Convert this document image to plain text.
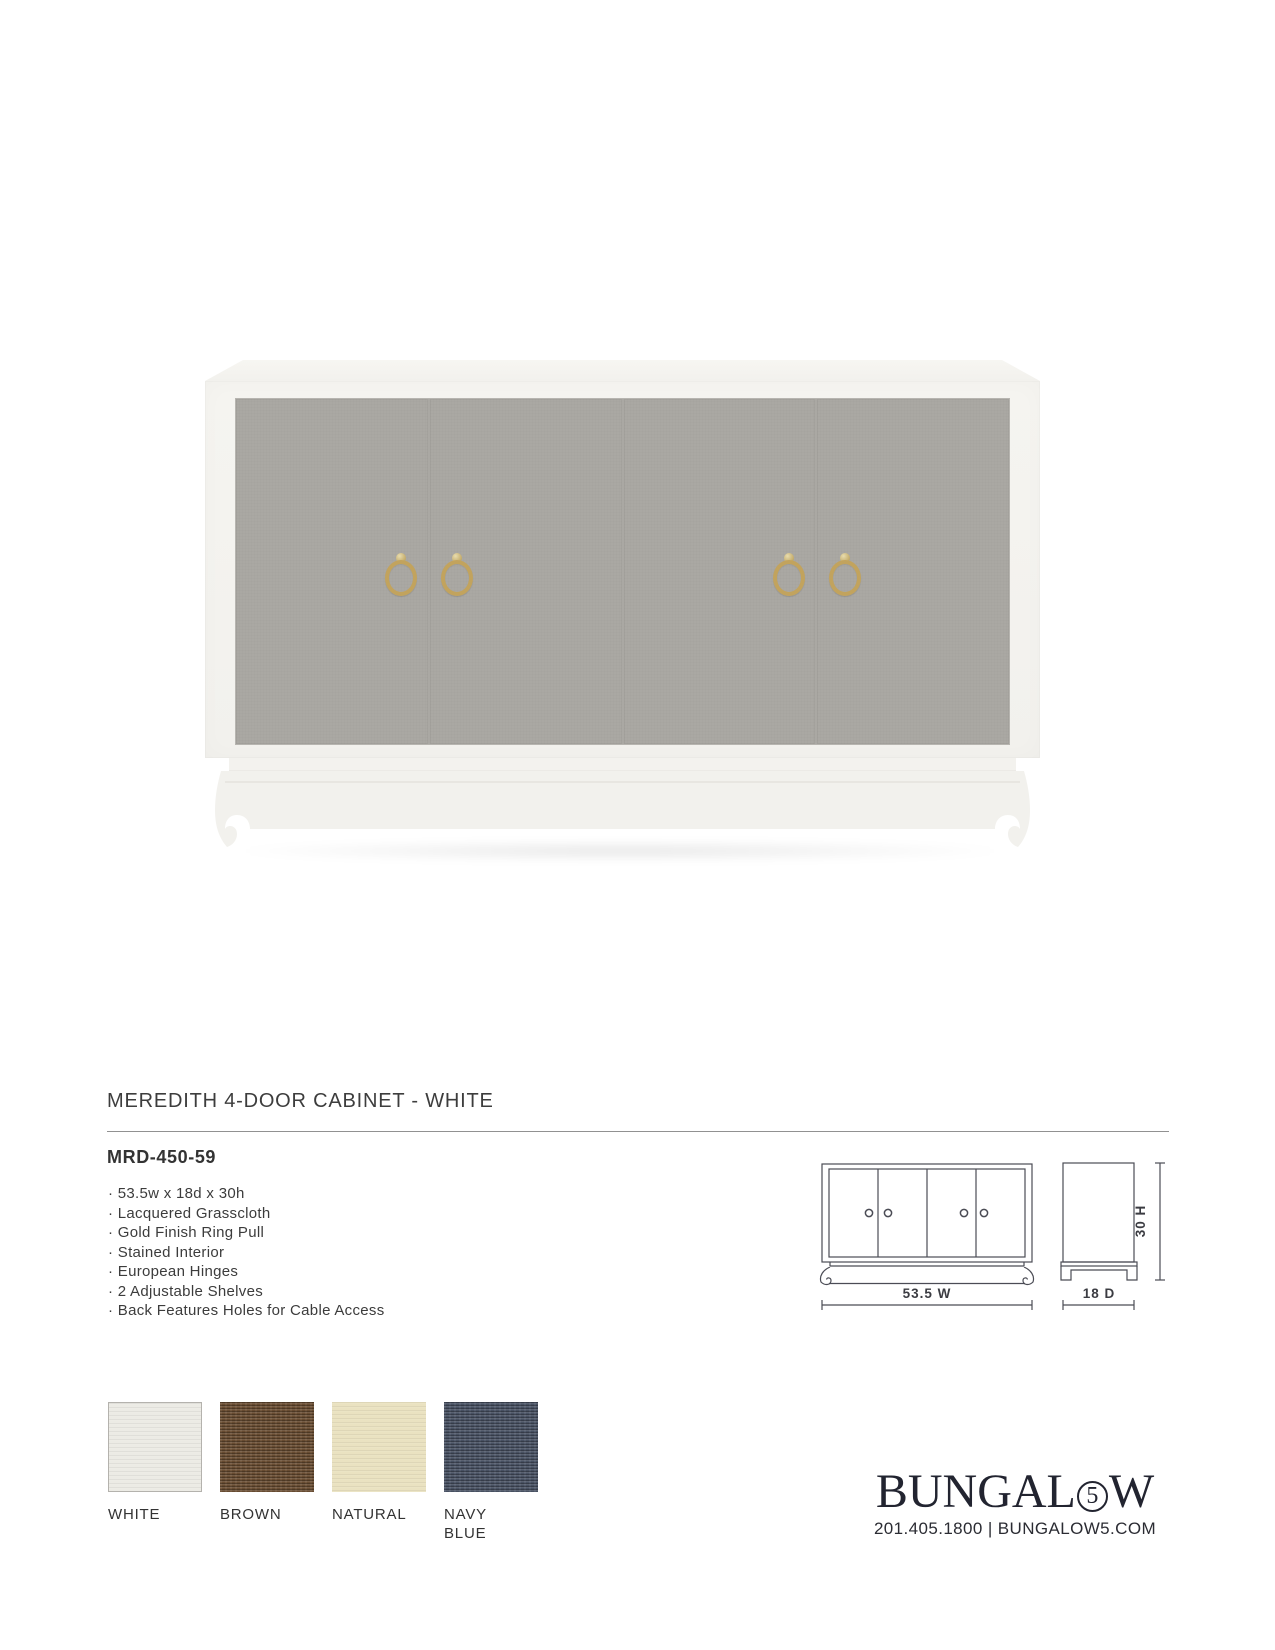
MEREDITH 4-DOOR CABINET - WHITE
MRD-450-59
· 53.5w x 18d x 30h
· Lacquered Grasscloth
· Gold Finish Ring Pull
· Stained Interior
· European Hinges
· 2 Adjustable Shelves
· Back Features Holes for Cable Access
53.5 W
30 H
18 D
WHITE	BROWN	NATURAL	NAVY BLUE
BUNGAL 5 W
201.405.1800 | BUNGALOW5.COM
